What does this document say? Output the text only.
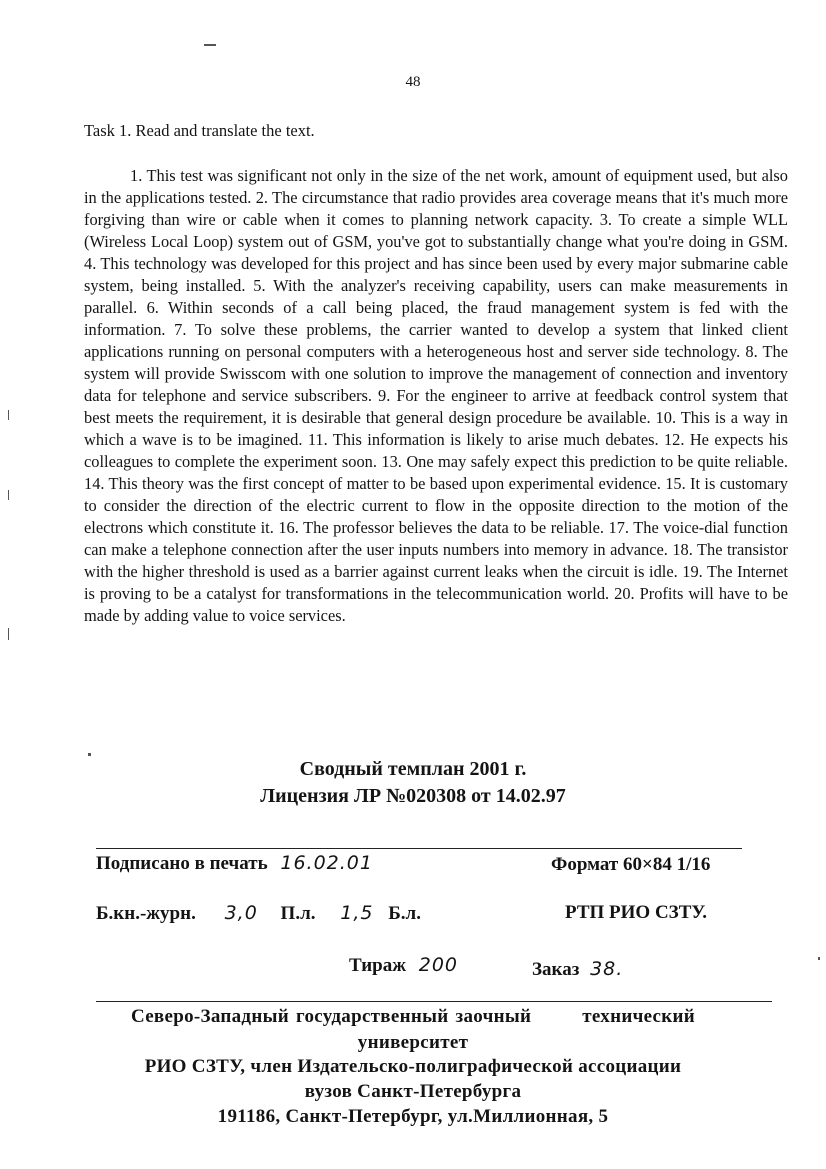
48
Task 1. Read and translate the text.
1. This test was significant not only in the size of the net work, amount of equipment used, but also in the applications tested. 2. The circumstance that radio provides area coverage means that it's much more forgiving than wire or cable when it comes to planning network capacity. 3. To create a simple WLL (Wireless Local Loop) system out of GSM, you've got to substantially change what you're doing in GSM. 4. This technology was developed for this project and has since been used by every major submarine cable system, being installed. 5. With the analyzer's receiving capability, users can make measurements in parallel. 6. Within seconds of a call being placed, the fraud management system is fed with the information. 7. To solve these problems, the carrier wanted to develop a system that linked client applications running on personal computers with a heterogeneous host and server side technology. 8. The system will provide Swisscom with one solution to improve the management of connection and inventory data for telephone and service subscribers. 9. For the engineer to arrive at feedback control system that best meets the requirement, it is desirable that general design procedure be available. 10. This is a way in which a wave is to be imagined. 11. This information is likely to arise much debates. 12. He expects his colleagues to complete the experiment soon. 13. One may safely expect this prediction to be quite reliable. 14. This theory was the first concept of matter to be based upon experimental evidence. 15. It is customary to consider the direction of the electric current to flow in the opposite direction to the motion of the electrons which constitute it. 16. The professor believes the data to be reliable. 17. The voice-dial function can make a telephone connection after the user inputs numbers into memory in advance. 18. The transistor with the higher threshold is used as a barrier against current leaks when the circuit is idle. 19. The Internet is proving to be a catalyst for transformations in the telecommunication world. 20. Profits will have to be made by adding value to voice services.
Сводный темплан 2001 г.
Лицензия ЛР №020308 от 14.02.97
Подписано в печать 16.02.01	Формат 60×84 1/16
Б.кн.-журн. 3,0 П.л. 1,5 Б.л.	РТП РИО СЗТУ.
Тираж 200	Заказ 38.
Северо-Западный государственный заочный	технический
университет
РИО СЗТУ, член Издательско-полиграфической ассоциации
вузов Санкт-Петербурга
191186, Санкт-Петербург, ул.Миллионная, 5
